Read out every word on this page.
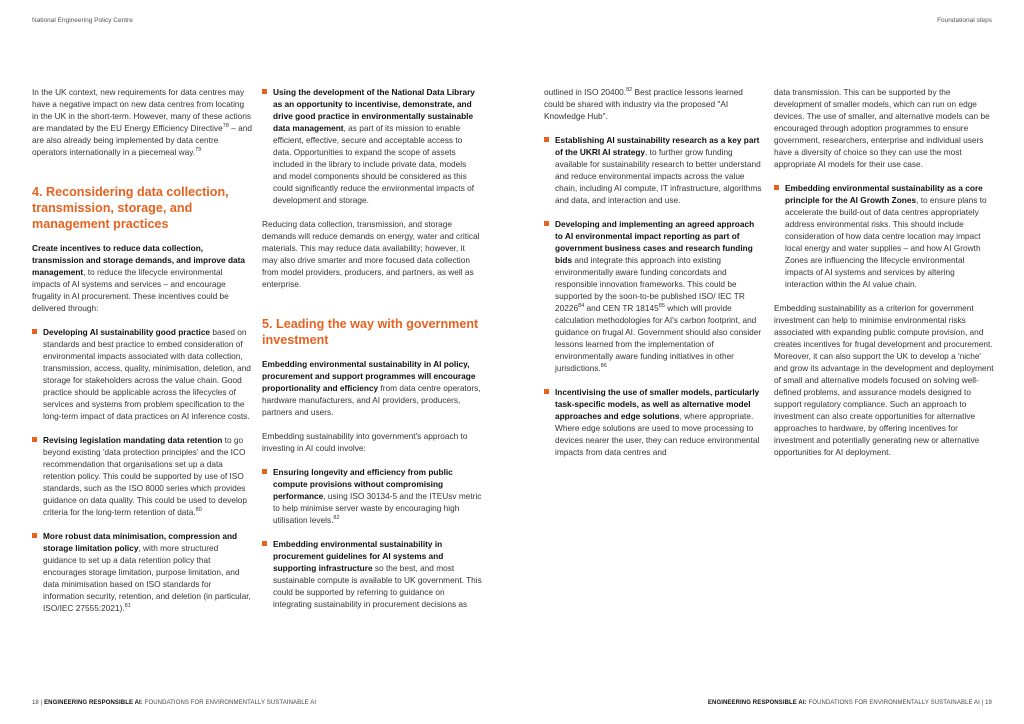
National Engineering Policy Centre	Foundational steps

In the UK context, new requirements for data centres may have a negative impact on new data centres from locating in the UK in the short-term. However, many of these actions are mandated by the EU Energy Efficiency Directive$^{78}$ – and are also already being implemented by data centre operators internationally in a piecemeal way.$^{79}$

4. Reconsidering data collection, transmission, storage, and management practices

Create incentives to reduce data collection, transmission and storage demands, and improve data management, to reduce the lifecycle environmental impacts of AI systems and services – and encourage frugality in AI procurement. These incentives could be delivered through:

Developing AI sustainability good practice based on standards and best practice to embed consideration of environmental impacts associated with data collection, transmission, access, quality, minimisation, deletion, and storage for stakeholders across the value chain. Good practice should be applicable across the lifecycles of services and systems from problem specification to the long-term impact of data practices on AI inference costs.
Revising legislation mandating data retention to go beyond existing 'data protection principles' and the ICO recommendation that organisations set up a data retention policy. This could be supported by use of ISO standards, such as the ISO 8000 series which provides guidance on data quality. This could be used to develop criteria for the long-term retention of data.$^{80}$
More robust data minimisation, compression and storage limitation policy, with more structured guidance to set up a data retention policy that encourages storage limitation, purpose limitation, and data minimisation based on ISO standards for information security, retention, and deletion (in particular, ISO/IEC 27555:2021).$^{81}$
Using the development of the National Data Library as an opportunity to incentivise, demonstrate, and drive good practice in environmentally sustainable data management, as part of its mission to enable efficient, effective, secure and acceptable access to data. Opportunities to expand the scope of assets included in the library to include private data, models and model components should be considered as this could significantly reduce the environmental impacts of development and storage.

Reducing data collection, transmission, and storage demands will reduce demands on energy, water and critical materials. This may reduce data availability; however, it may also drive smarter and more focused data collection from model providers, producers, and partners, as well as enterprise.

5. Leading the way with government investment

Embedding environmental sustainability in AI policy, procurement and support programmes will encourage proportionality and efficiency from data centre operators, hardware manufacturers, and AI providers, producers, partners and users.

Embedding sustainability into government's approach to investing in AI could involve:

Ensuring longevity and efficiency from public compute provisions without compromising performance, using ISO 30134-5 and the ITEUsv metric to help minimise server waste by encouraging high utilisation levels.$^{82}$
Embedding environmental sustainability in procurement guidelines for AI systems and supporting infrastructure so the best, and most sustainable compute is available to UK government. This could be supported by referring to guidance on integrating sustainability in procurement decisions as

outlined in ISO 20400.82 Best practice lessons learned could be shared with industry via the proposed "AI Knowledge Hub".

Establishing AI sustainability research as a key part of the UKRI AI strategy, to further grow funding available for sustainability research to better understand and reduce environmental impacts across the value chain, including AI compute, IT infrastructure, algorithms and data, and interaction and use.
Developing and implementing an agreed approach to AI environmental impact reporting as part of government business cases and research funding bids and integrate this approach into existing environmentally aware funding concordats and responsible innovation frameworks. This could be supported by the soon-to-be published ISO/ IEC TR 20226$^{84}$ and CEN TR 18145$^{85}$ which will provide calculation methodologies for AI's carbon footprint, and guidance on frugal AI. Government should also consider lessons learned from the implementation of environmentally aware funding initiatives in other jurisdictions.$^{86}$
Incentivising the use of smaller models, particularly task-specific models, as well as alternative model approaches and edge solutions, where appropriate. Where edge solutions are used to move processing to devices nearer the user, they can reduce environmental impacts from data centres and

data transmission. This can be supported by the development of smaller models, which can run on edge devices. The use of smaller, and alternative models can be encouraged through adoption programmes to ensure government, researchers, enterprise and individual users have a diversity of choice so they can use the most appropriate AI models for their use case.

Embedding environmental sustainability as a core principle for the AI Growth Zones, to ensure plans to accelerate the build-out of data centres appropriately address environmental risks. This should include consideration of how data centre location may impact local energy and water supplies – and how AI Growth Zones are influencing the lifecycle environmental impacts of AI systems and services by altering interaction within the AI value chain.

Embedding sustainability as a criterion for government investment can help to minimise environmental risks associated with expanding public compute provision, and creates incentives for frugal development and procurement. Moreover, it can also support the UK to develop a 'niche' and grow its advantage in the development and deployment of small and alternative models focused on solving well-defined problems, and assurance models designed to support regulatory compliance. Such an approach to investment can also create opportunities for alternative approaches to hardware, by offering incentives for investment and potentially generating new or alternative opportunities for AI deployment.

18 | ENGINEERING RESPONSIBLE AI: FOUNDATIONS FOR ENVIRONMENTALLY SUSTAINABLE AI	ENGINEERING RESPONSIBLE AI: FOUNDATIONS FOR ENVIRONMENTALLY SUSTAINABLE AI | 19
